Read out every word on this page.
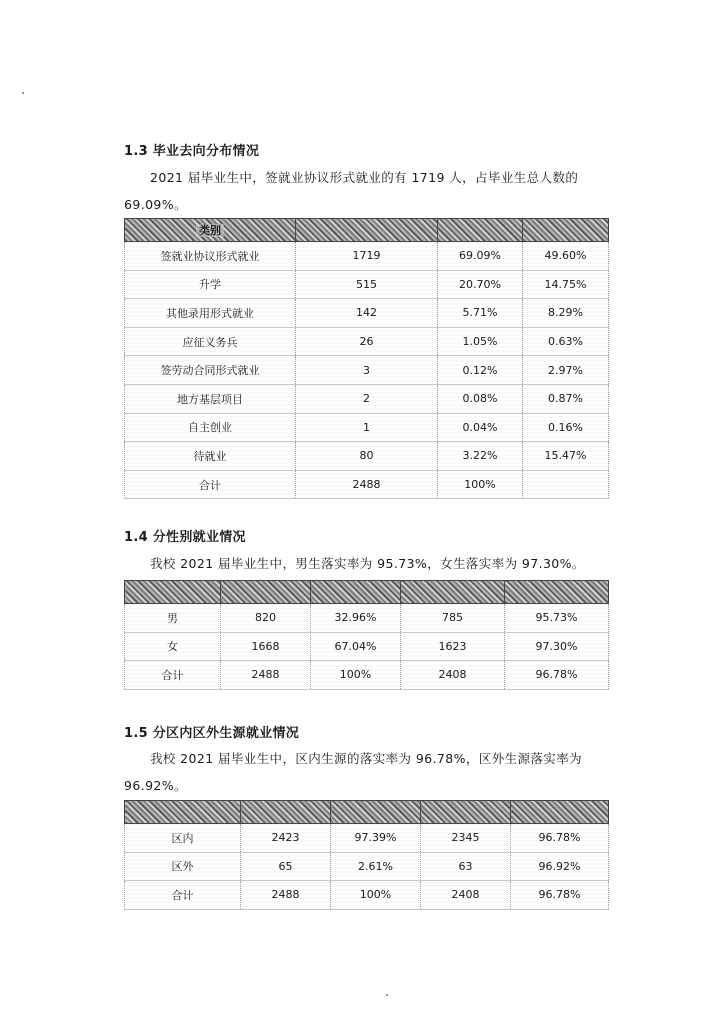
1.3 毕业去向分布情况
2021 届毕业生中，签就业协议形式就业的有 1719 人，占毕业生总人数的
69.09%。
类别			
签就业协议形式就业	1719	69.09%	49.60%
升学	515	20.70%	14.75%
其他录用形式就业	142	5.71%	8.29%
应征义务兵	26	1.05%	0.63%
签劳动合同形式就业	3	0.12%	2.97%
地方基层项目	2	0.08%	0.87%
自主创业	1	0.04%	0.16%
待就业	80	3.22%	15.47%
合计	2488	100%	
1.4 分性别就业情况
我校 2021 届毕业生中，男生落实率为 95.73%，女生落实率为 97.30%。

男	820	32.96%	785	95.73%
女	1668	67.04%	1623	97.30%
合计	2488	100%	2408	96.78%
1.5 分区内区外生源就业情况
我校 2021 届毕业生中，区内生源的落实率为 96.78%，区外生源落实率为
96.92%。

区内	2423	97.39%	2345	96.78%
区外	65	2.61%	63	96.92%
合计	2488	100%	2408	96.78%
